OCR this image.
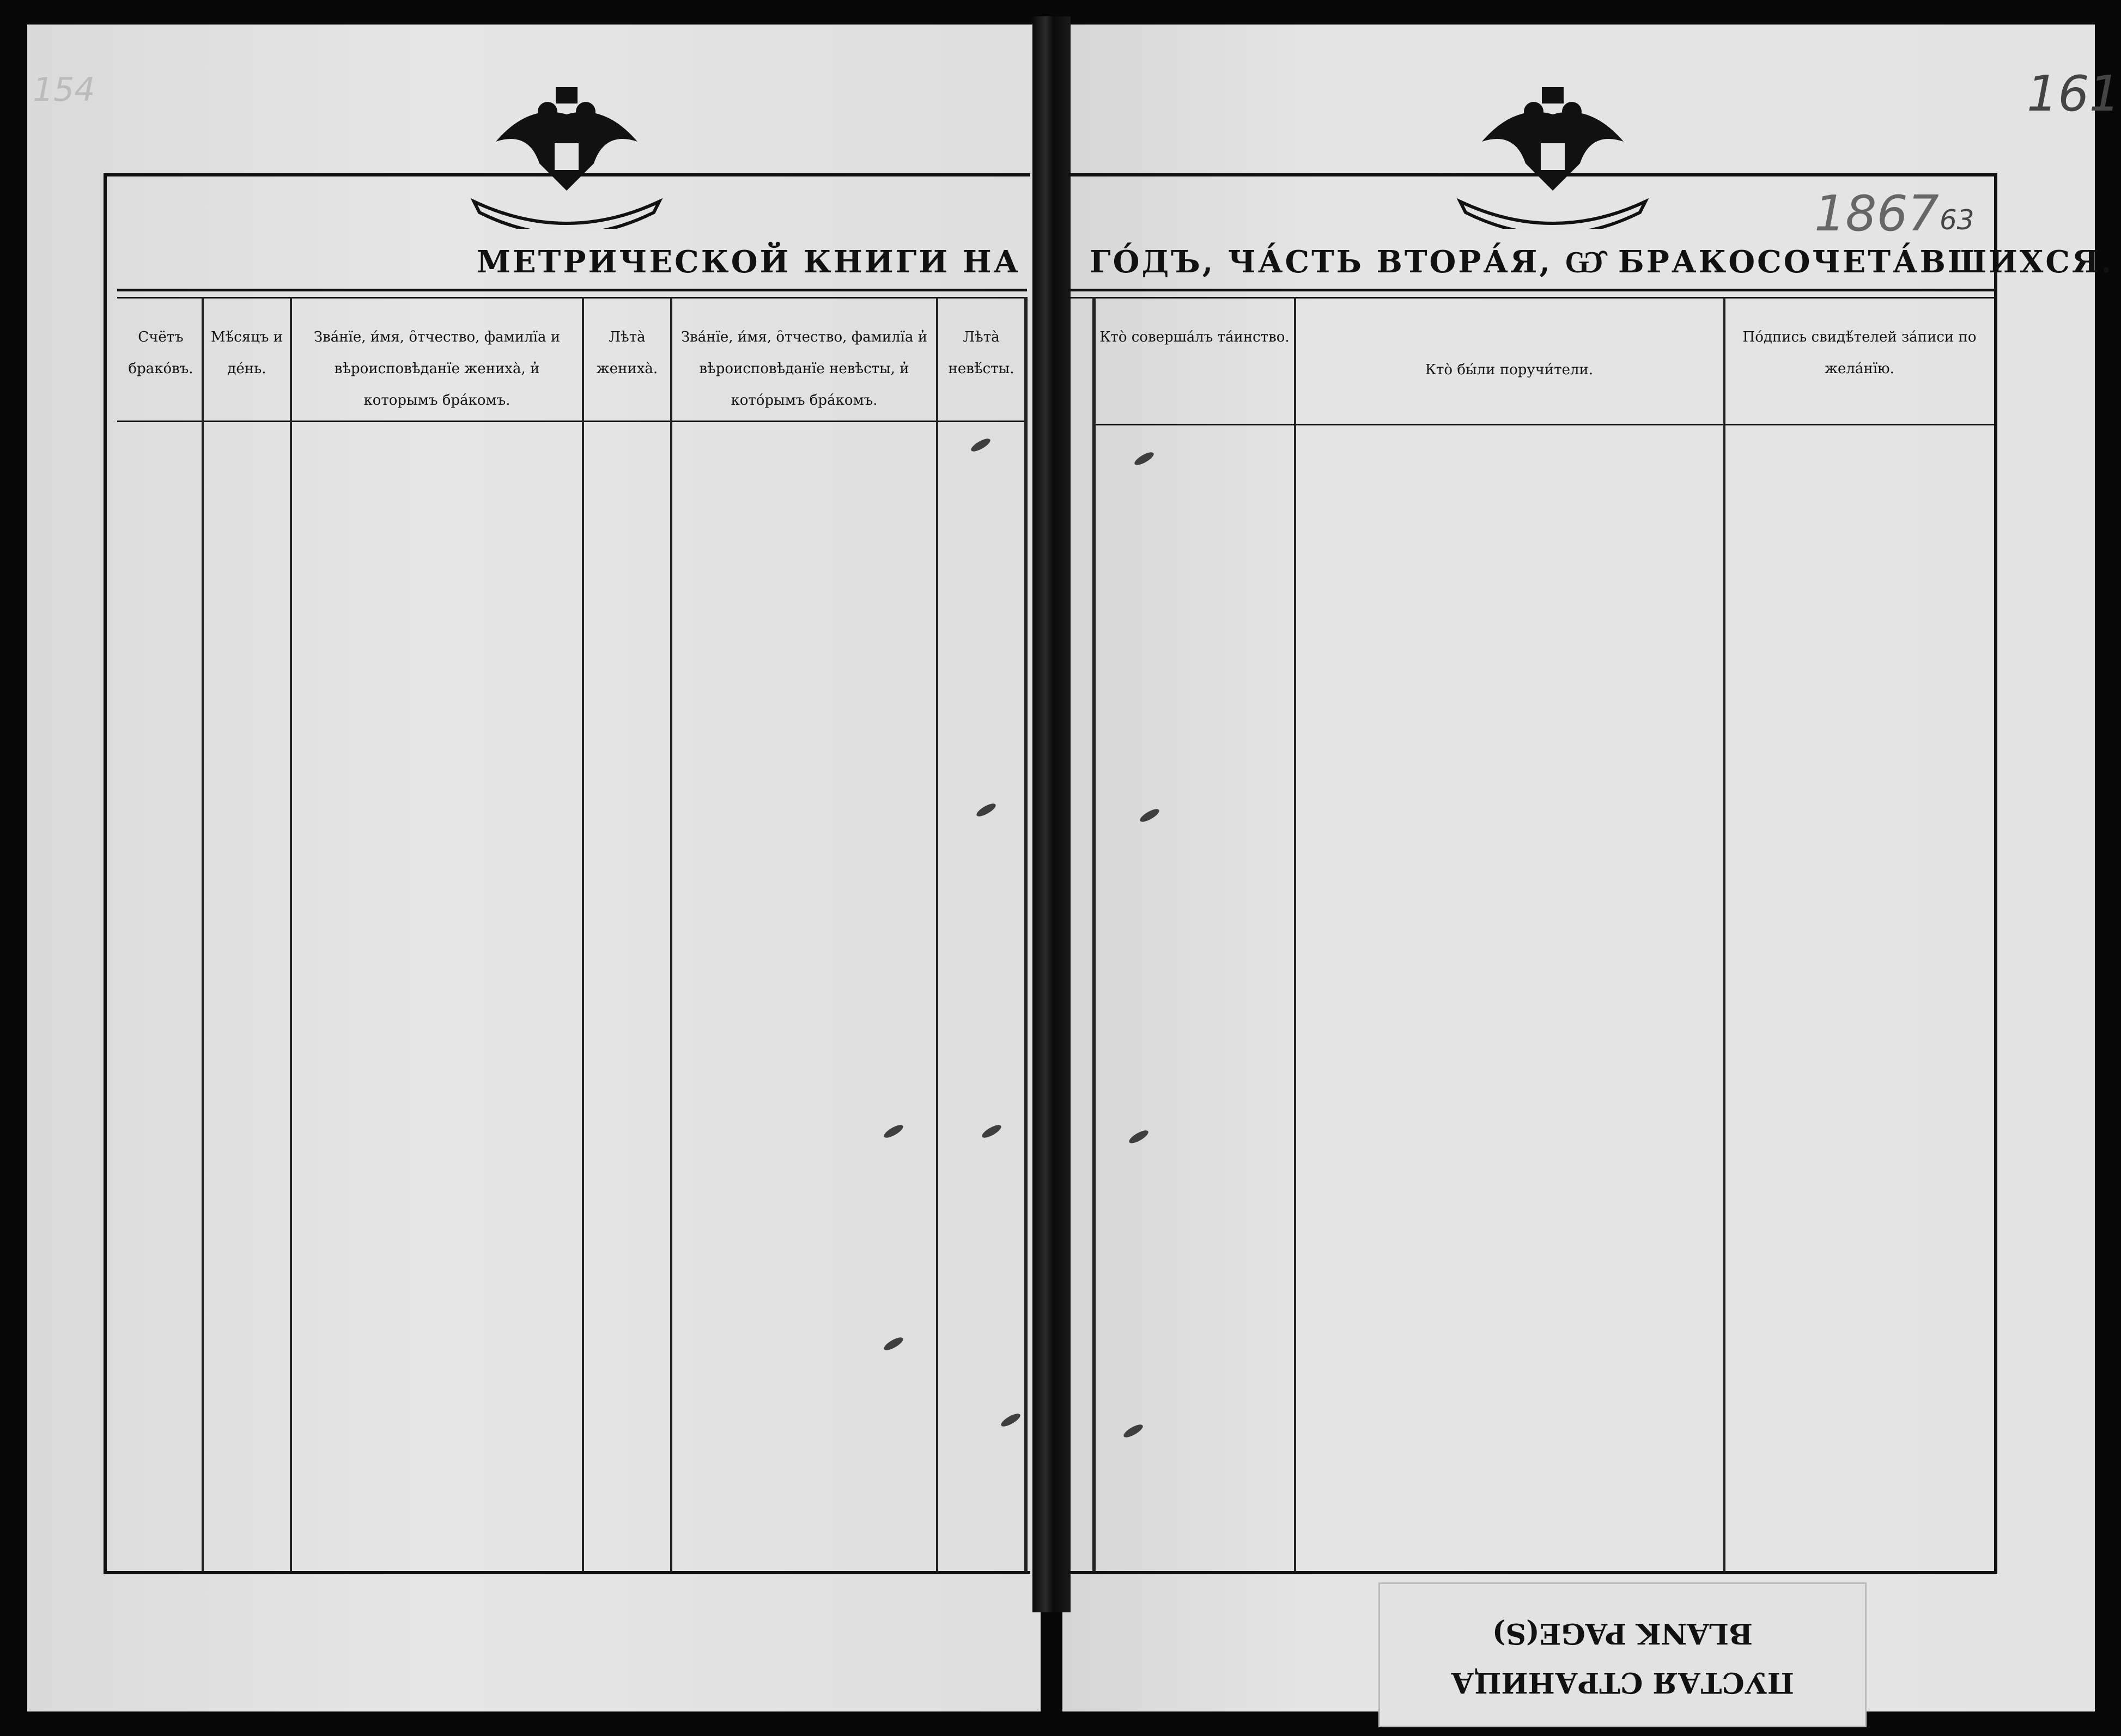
154	161
1867 63
МЕТРИЧЕСКОЙ КНИГИ НА ГО́ДЪ, ЧА́СТЬ ВТОРА́Я, Ѡ̑ БРАКОСОЧЕТА́ВШИХСЯ.
Счётъ бракóвъ.
Мѣ́сяцъ и де́нь.
Зва́нїе, и́мя, о̑тчество, фамилїа и вѣроисповѣданїе жениха̀, и̓ которымъ бра́комъ.
Лѣта̀ жениха̀.
Зва́нїе, и́мя, о̑тчество, фамилїа и̓ вѣроисповѣданїе невѣсты, и̓ кото́рымъ бра́комъ.
Лѣта̀ невѣ́сты.
Кто̀ соверша́лъ та́инство.
Кто̀ бы́ли поручи́тели.
По́дпись свидѣ́телей за́писи по жела́нїю.
ПУСТАЯ СТРАНИЦА
BLANK PAGE(S)
